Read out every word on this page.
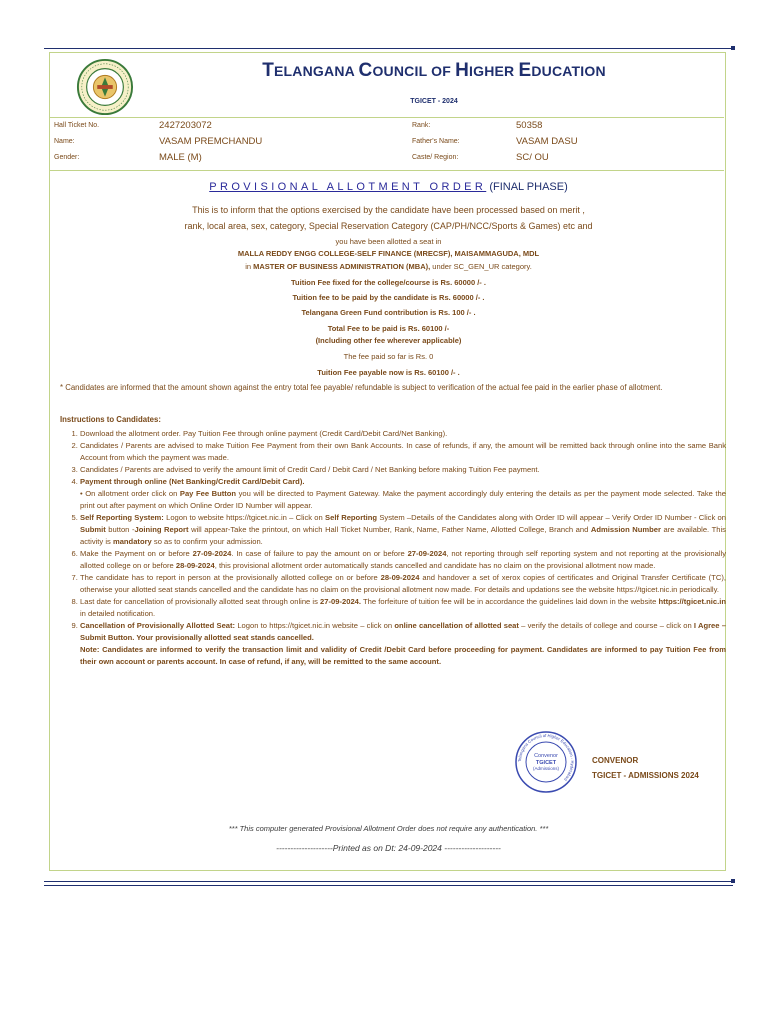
TELANGANA COUNCIL OF HIGHER EDUCATION
TGICET - 2024
Hall Ticket No.	2427203072	Rank:	50358
Name:	VASAM PREMCHANDU	Father's Name:	VASAM DASU
Gender:	MALE (M)	Caste/ Region:	SC/ OU
PROVISIONAL ALLOTMENT ORDER (FINAL PHASE)
This is to inform that the options exercised by the candidate have been processed based on merit ,
rank, local area, sex, category, Special Reservation Category (CAP/PH/NCC/Sports & Games) etc and
you have been allotted a seat in
MALLA REDDY ENGG COLLEGE-SELF FINANCE (MRECSF), MAISAMMAGUDA, MDL
in MASTER OF BUSINESS ADMINISTRATION (MBA), under SC_GEN_UR category.
Tuition Fee fixed for the college/course is Rs. 60000 /- .
Tuition fee to be paid by the candidate is Rs. 60000 /- .
Telangana Green Fund contribution is Rs. 100 /- .
Total Fee to be paid is Rs. 60100 /-
(Including other fee wherever applicable)
The fee paid so far is Rs. 0
Tuition Fee payable now is Rs. 60100 /- .
* Candidates are informed that the amount shown against the entry total fee payable/ refundable is subject to verification of the actual fee paid in the earlier phase of allotment.
Instructions to Candidates:
1. Download the allotment order. Pay Tuition Fee through online payment (Credit Card/Debit Card/Net Banking).
2. Candidates / Parents are advised to make Tuition Fee Payment from their own Bank Accounts. In case of refunds, if any, the amount will be remitted back through online into the same Bank Account from which the payment was made.
3. Candidates / Parents are advised to verify the amount limit of Credit Card / Debit Card / Net Banking before making Tuition Fee payment.
4. Payment through online (Net Banking/Credit Card/Debit Card).
• On allotment order click on Pay Fee Button you will be directed to Payment Gateway. Make the payment accordingly duly entering the details as per the payment mode selected. Take the print out after payment on which Online Order ID Number will appear.
5. Self Reporting System: Logon to website https://tgicet.nic.in – Click on Self Reporting System –Details of the Candidates along with Order ID will appear – Verify Order ID Number - Click on Submit button -Joining Report will appear-Take the printout, on which Hall Ticket Number, Rank, Name, Father Name, Allotted College, Branch and Admission Number are available. This activity is mandatory so as to confirm your admission.
6. Make the Payment on or before 27-09-2024. In case of failure to pay the amount on or before 27-09-2024, not reporting through self reporting system and not reporting at the provisionally allotted college on or before 28-09-2024, this provisional allotment order automatically stands cancelled and candidate has no claim on the provisional allotment now made.
7. The candidate has to report in person at the provisionally allotted college on or before 28-09-2024 and handover a set of xerox copies of certificates and Original Transfer Certificate (TC), otherwise your allotted seat stands cancelled and the candidate has no claim on the provisional allotment now made. For details and updations see the website https://tgicet.nic.in periodically.
8. Last date for cancellation of provisionally allotted seat through online is 27-09-2024. The forfeiture of tuition fee will be in accordance the guidelines laid down in the website https://tgicet.nic.in in detailed notification.
9. Cancellation of Provisionally Allotted Seat: Logon to https://tgicet.nic.in website – click on online cancellation of allotted seat – verify the details of college and course – click on I Agree – Submit Button. Your provisionally allotted seat stands cancelled.
Note: Candidates are informed to verify the transaction limit and validity of Credit /Debit Card before proceeding for payment. Candidates are informed to pay Tuition Fee from their own account or parents account. In case of refund, if any, will be remitted to the same account.
Telangana Council of Higher Education - Hyderabad
Convenor
TGICET
(Admissions)
CONVENOR
TGICET - ADMISSIONS 2024
*** This computer generated Provisional Allotment Order does not require any authentication. ***
--------------------Printed as on Dt: 24-09-2024 --------------------
